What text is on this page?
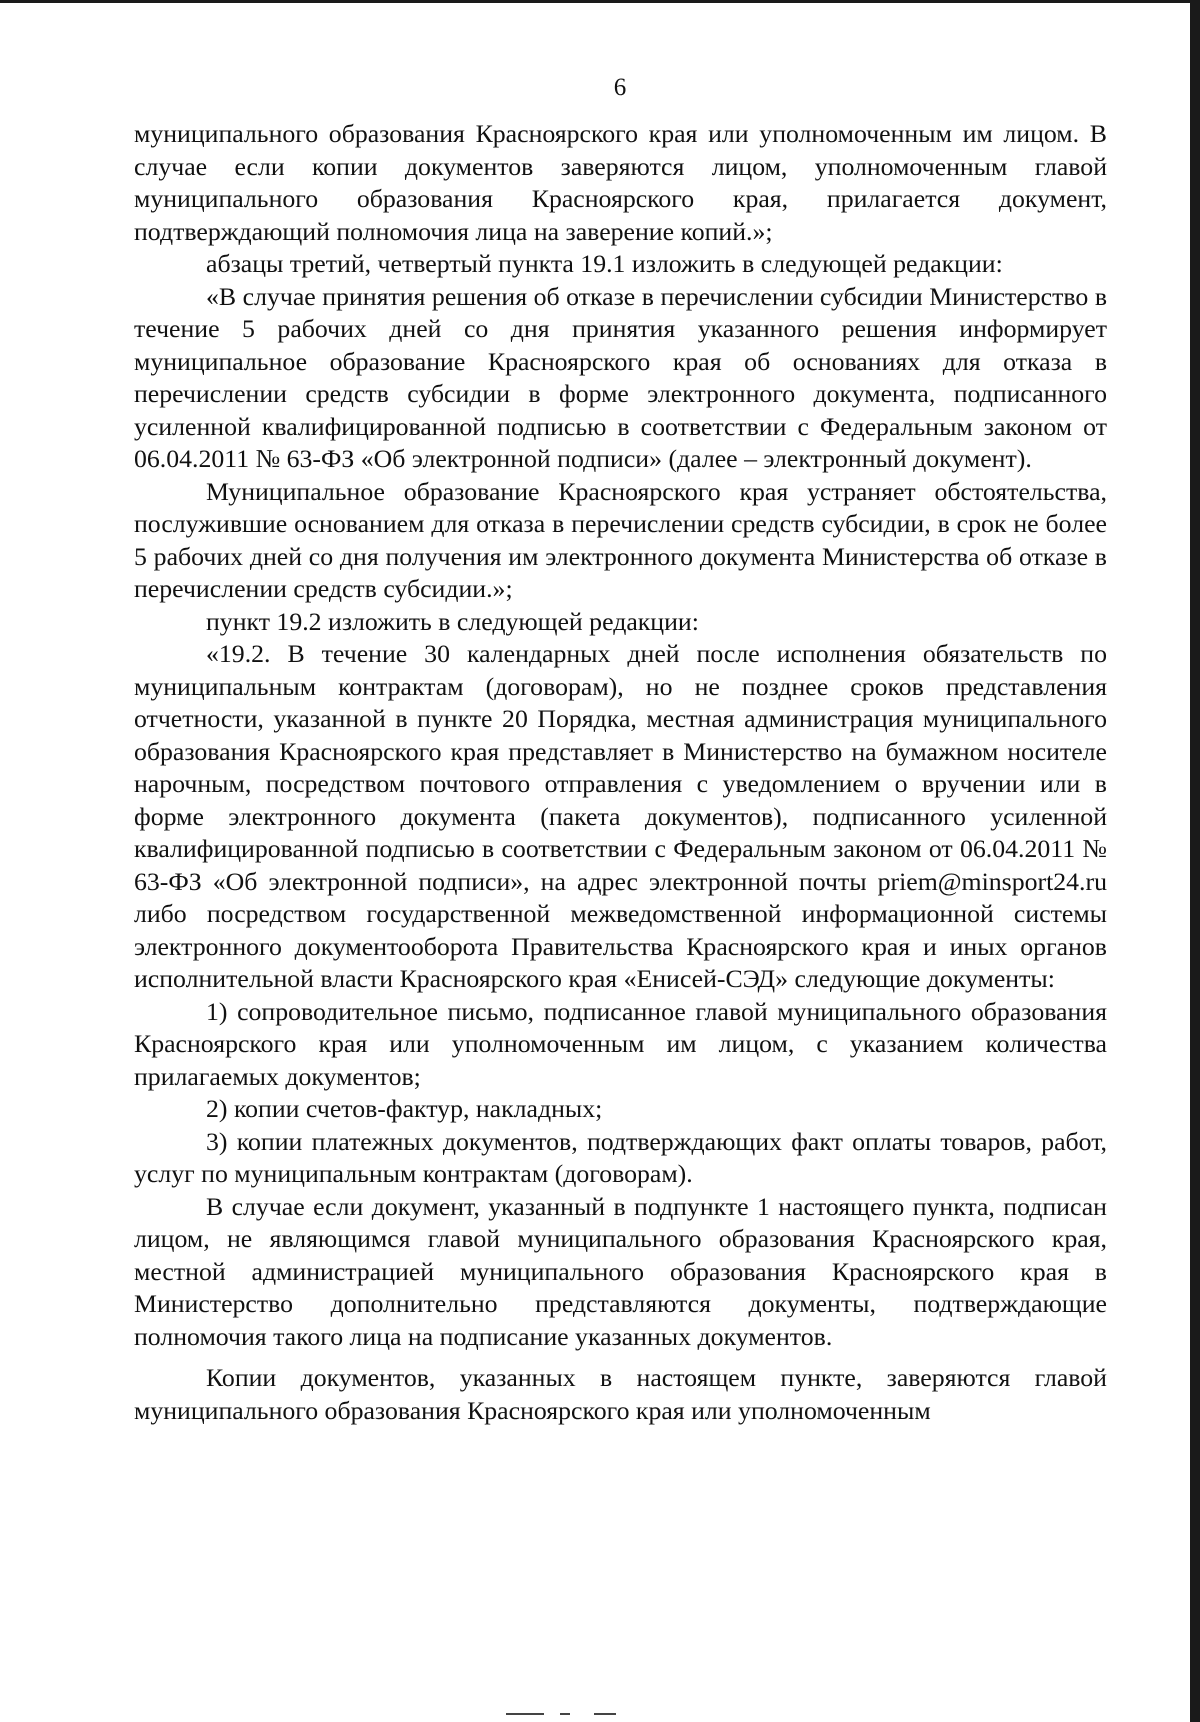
6

муниципального образования Красноярского края или уполномоченным им лицом. В случае если копии документов заверяются лицом, уполномоченным главой муниципального образования Красноярского края, прилагается документ, подтверждающий полномочия лица на заверение копий.»;

абзацы третий, четвертый пункта 19.1 изложить в следующей редакции:

«В случае принятия решения об отказе в перечислении субсидии Министерство в течение 5 рабочих дней со дня принятия указанного решения информирует муниципальное образование Красноярского края об основаниях для отказа в перечислении средств субсидии в форме электронного документа, подписанного усиленной квалифицированной подписью в соответствии с Федеральным законом от 06.04.2011 № 63-ФЗ «Об электронной подписи» (далее – электронный документ).

Муниципальное образование Красноярского края устраняет обстоятельства, послужившие основанием для отказа в перечислении средств субсидии, в срок не более 5 рабочих дней со дня получения им электронного документа Министерства об отказе в перечислении средств субсидии.»;

пункт 19.2 изложить в следующей редакции:

«19.2. В течение 30 календарных дней после исполнения обязательств по муниципальным контрактам (договорам), но не позднее сроков представления отчетности, указанной в пункте 20 Порядка, местная администрация муниципального образования Красноярского края представляет в Министерство на бумажном носителе нарочным, посредством почтового отправления с уведомлением о вручении или в форме электронного документа (пакета документов), подписанного усиленной квалифицированной подписью в соответствии с Федеральным законом от 06.04.2011 № 63-ФЗ «Об электронной подписи», на адрес электронной почты priem@minsport24.ru либо посредством государственной межведомственной информационной системы электронного документооборота Правительства Красноярского края и иных органов исполнительной власти Красноярского края «Енисей-СЭД» следующие документы:

1) сопроводительное письмо, подписанное главой муниципального образования Красноярского края или уполномоченным им лицом, с указанием количества прилагаемых документов;

2) копии счетов-фактур, накладных;

3) копии платежных документов, подтверждающих факт оплаты товаров, работ, услуг по муниципальным контрактам (договорам).

В случае если документ, указанный в подпункте 1 настоящего пункта, подписан лицом, не являющимся главой муниципального образования Красноярского края, местной администрацией муниципального образования Красноярского края в Министерство дополнительно представляются документы, подтверждающие полномочия такого лица на подписание указанных документов.

Копии документов, указанных в настоящем пункте, заверяются главой муниципального образования Красноярского края или уполномоченным
